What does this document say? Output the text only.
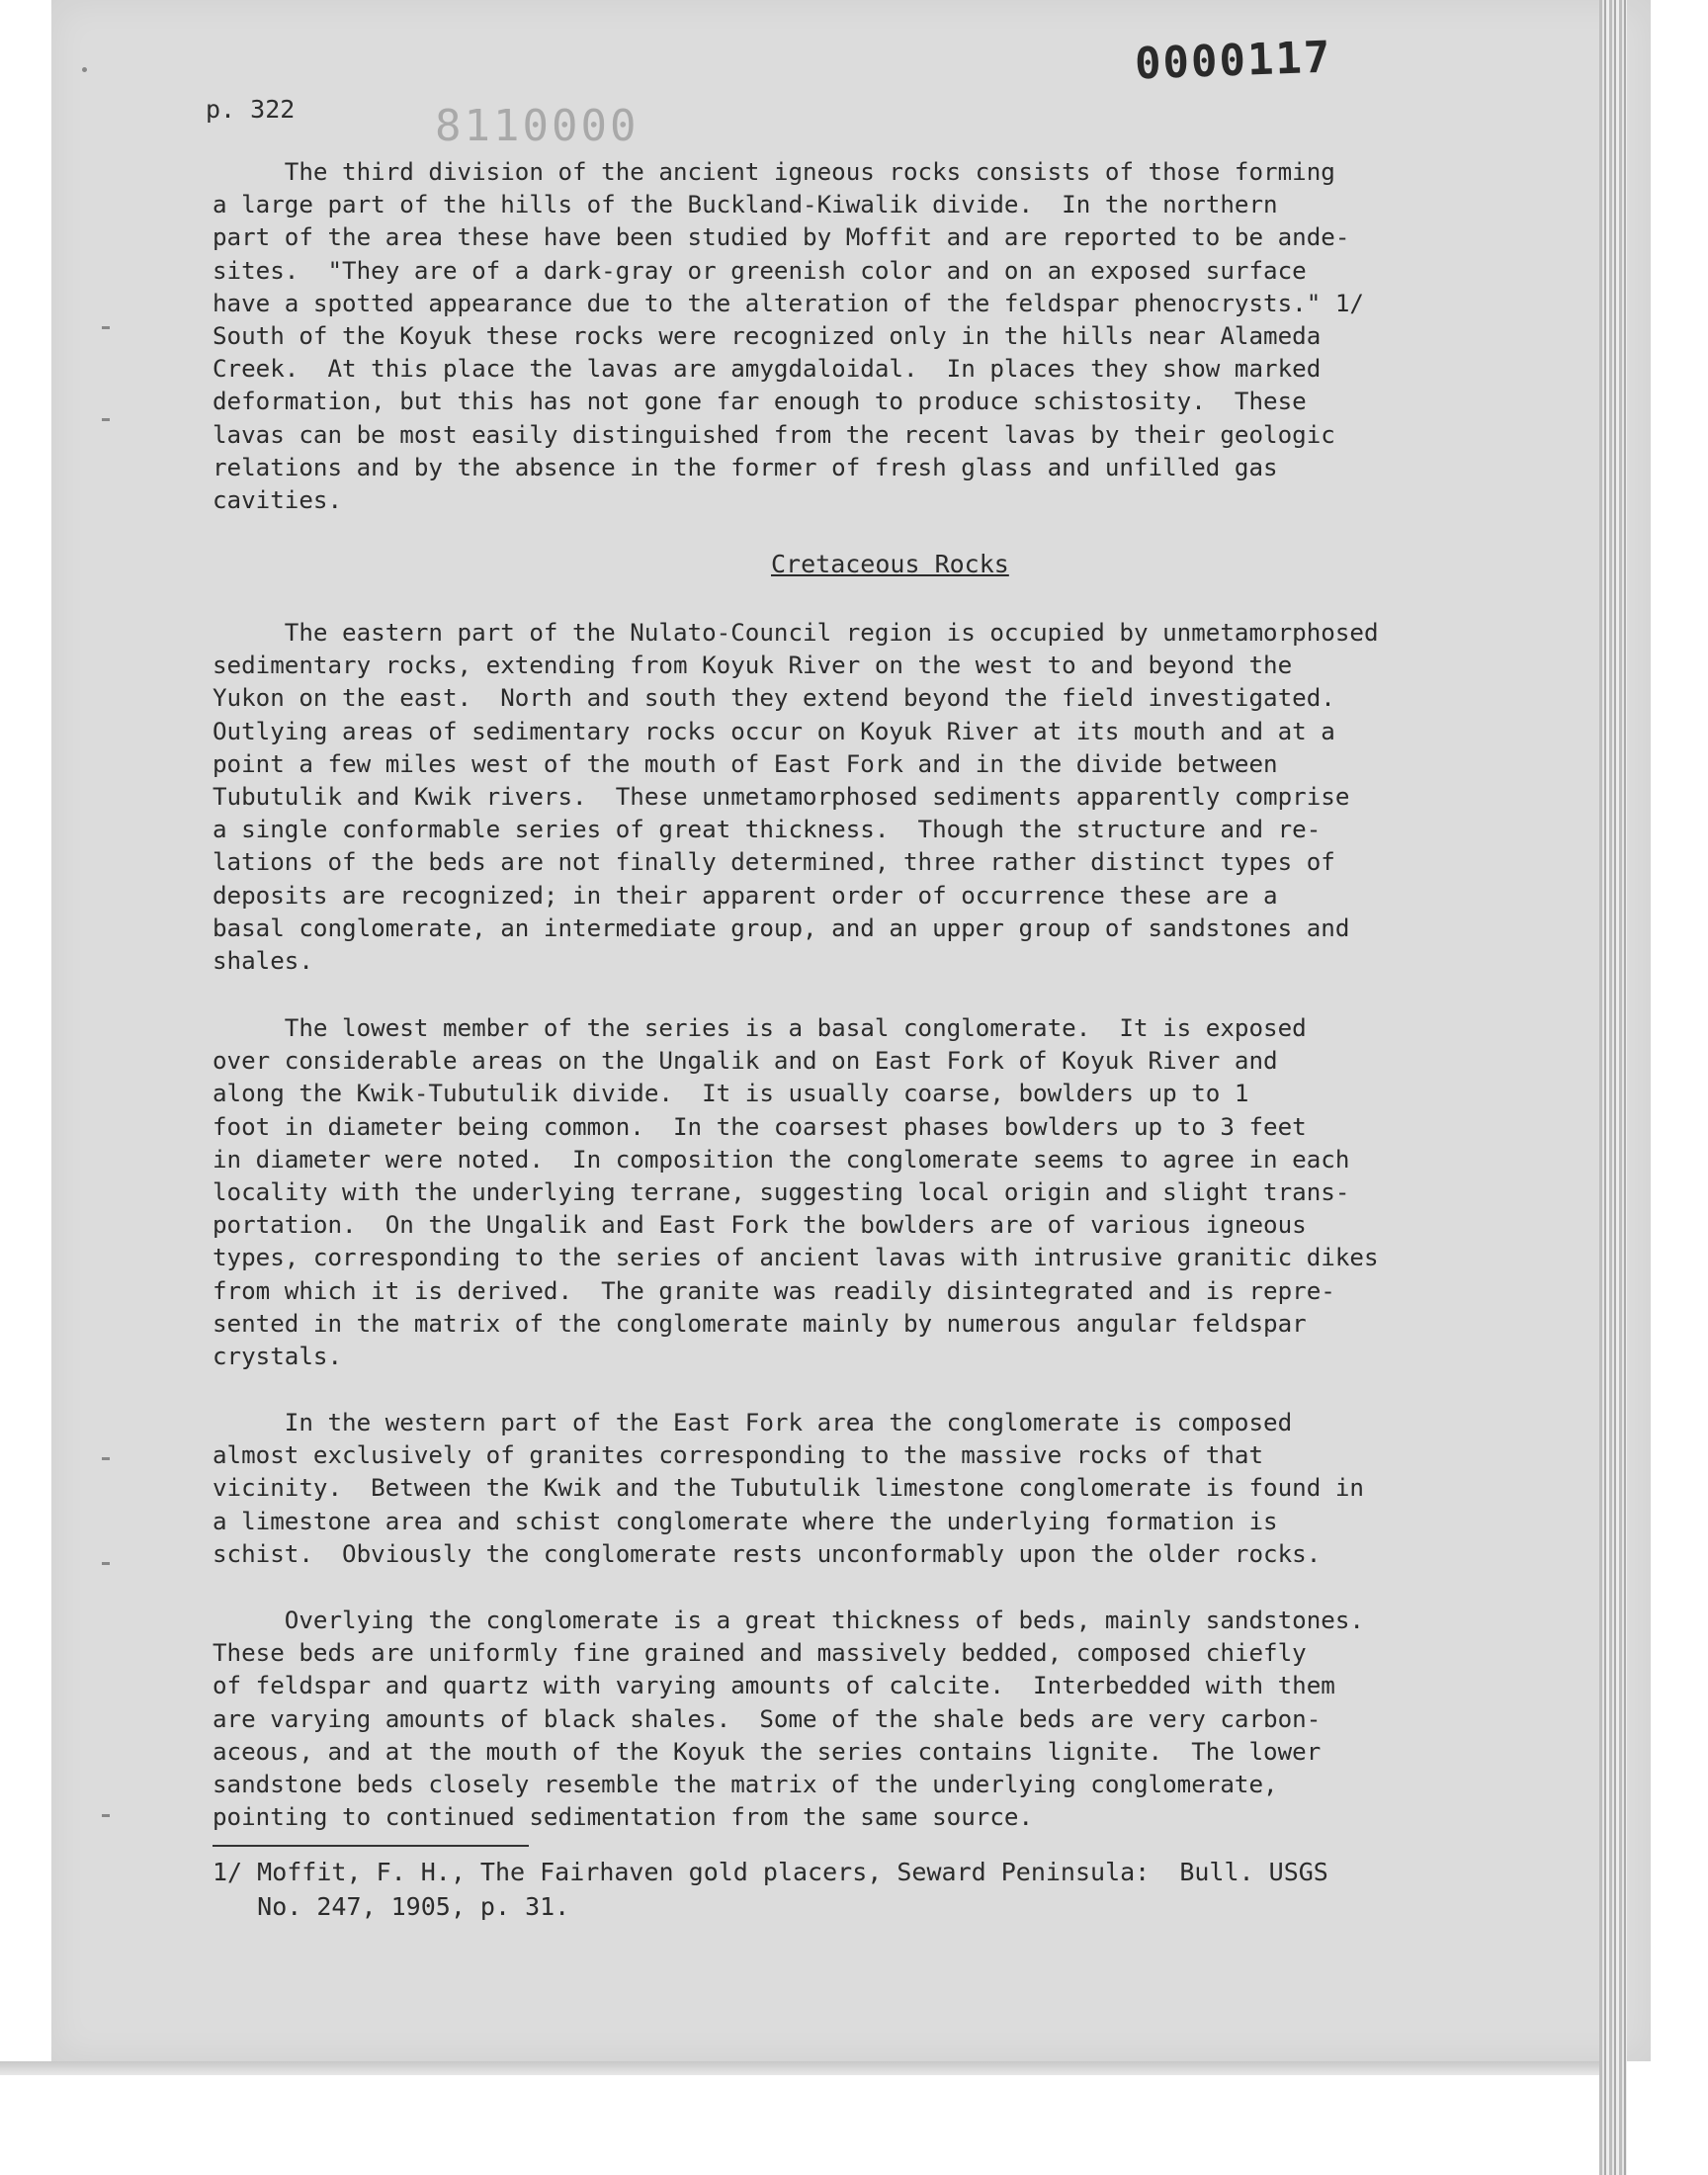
0000117
8110000
p. 322
The third division of the ancient igneous rocks consists of those forming
a large part of the hills of the Buckland-Kiwalik divide.  In the northern
part of the area these have been studied by Moffit and are reported to be ande-
sites.  "They are of a dark-gray or greenish color and on an exposed surface
have a spotted appearance due to the alteration of the feldspar phenocrysts." 1/
South of the Koyuk these rocks were recognized only in the hills near Alameda
Creek.  At this place the lavas are amygdaloidal.  In places they show marked
deformation, but this has not gone far enough to produce schistosity.  These
lavas can be most easily distinguished from the recent lavas by their geologic
relations and by the absence in the former of fresh glass and unfilled gas
cavities.
Cretaceous Rocks
The eastern part of the Nulato-Council region is occupied by unmetamorphosed
sedimentary rocks, extending from Koyuk River on the west to and beyond the
Yukon on the east.  North and south they extend beyond the field investigated.
Outlying areas of sedimentary rocks occur on Koyuk River at its mouth and at a
point a few miles west of the mouth of East Fork and in the divide between
Tubutulik and Kwik rivers.  These unmetamorphosed sediments apparently comprise
a single conformable series of great thickness.  Though the structure and re-
lations of the beds are not finally determined, three rather distinct types of
deposits are recognized; in their apparent order of occurrence these are a
basal conglomerate, an intermediate group, and an upper group of sandstones and
shales.
The lowest member of the series is a basal conglomerate.  It is exposed
over considerable areas on the Ungalik and on East Fork of Koyuk River and
along the Kwik-Tubutulik divide.  It is usually coarse, bowlders up to 1
foot in diameter being common.  In the coarsest phases bowlders up to 3 feet
in diameter were noted.  In composition the conglomerate seems to agree in each
locality with the underlying terrane, suggesting local origin and slight trans-
portation.  On the Ungalik and East Fork the bowlders are of various igneous
types, corresponding to the series of ancient lavas with intrusive granitic dikes
from which it is derived.  The granite was readily disintegrated and is repre-
sented in the matrix of the conglomerate mainly by numerous angular feldspar
crystals.
In the western part of the East Fork area the conglomerate is composed
almost exclusively of granites corresponding to the massive rocks of that
vicinity.  Between the Kwik and the Tubutulik limestone conglomerate is found in
a limestone area and schist conglomerate where the underlying formation is
schist.  Obviously the conglomerate rests unconformably upon the older rocks.
Overlying the conglomerate is a great thickness of beds, mainly sandstones.
These beds are uniformly fine grained and massively bedded, composed chiefly
of feldspar and quartz with varying amounts of calcite.  Interbedded with them
are varying amounts of black shales.  Some of the shale beds are very carbon-
aceous, and at the mouth of the Koyuk the series contains lignite.  The lower
sandstone beds closely resemble the matrix of the underlying conglomerate,
pointing to continued sedimentation from the same source.
1/ Moffit, F. H., The Fairhaven gold placers, Seward Peninsula:  Bull. USGS
No. 247, 1905, p. 31.
